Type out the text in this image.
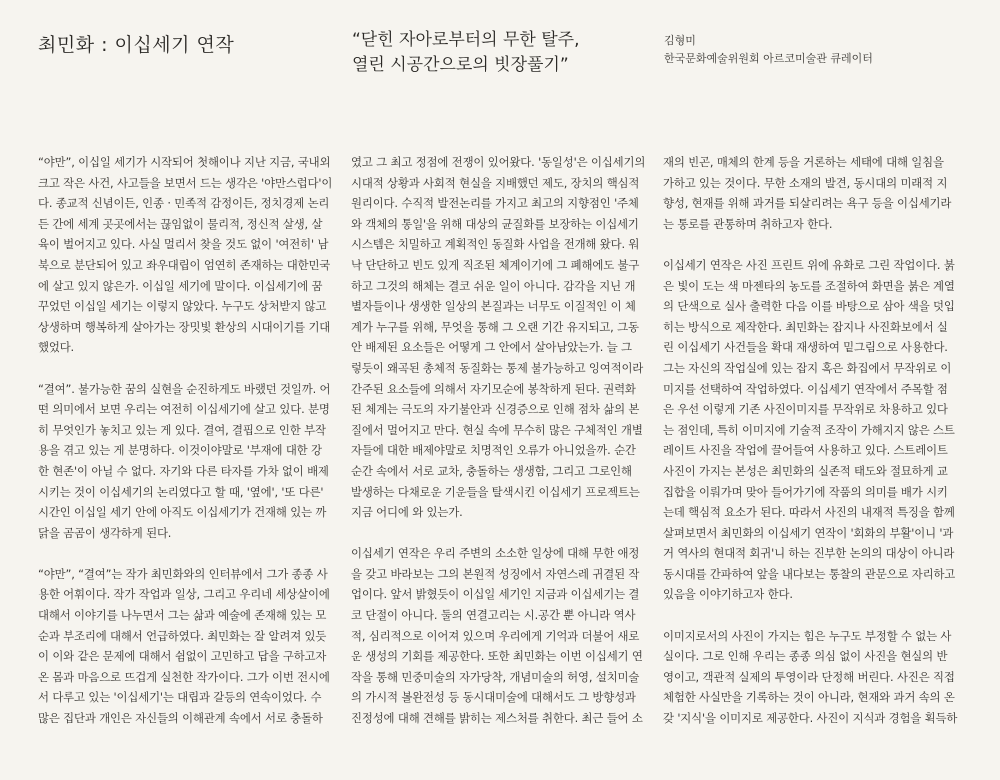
최민화 : 이십세기 연작	“닫힌 자아로부터의 무한 탈주,
열린 시공간으로의 빗장풀기”
김형미
한국문화예술위원회 아르코미술관 큐레이터
“야만”, 이십일 세기가 시작되어 첫해이나 지난 지금, 국내외
크고 작은 사건, 사고들을 보면서 드는 생각은 '야만스럽다'이
다. 종교적 신념이든, 인종 · 민족적 감정이든, 정치경제 논리
든 간에 세계 곳곳에서는 끊임없이 물리적, 정신적 살생, 살
육이 벌어지고 있다. 사실 멀리서 찾을 것도 없이 '여전히' 남
북으로 분단되어 있고 좌우대립이 엄연히 존재하는 대한민국
에 살고 있지 않은가. 이십일 세기에 말이다. 이십세기에 꿈
꾸었던 이십일 세기는 이렇지 않았다. 누구도 상처받지 않고
상생하며 행복하게 살아가는 장밋빛 환상의 시대이기를 기대
했었다.
“결여”. 불가능한 꿈의 실현을 순진하게도 바랬던 것일까. 어
떤 의미에서 보면 우리는 여전히 이십세기에 살고 있다. 분명
히 무엇인가 놓치고 있는 게 있다. 결여, 결핍으로 인한 부작
용을 겪고 있는 게 분명하다. 이것이야말로 '부재에 대한 강
한 현존'이 아닐 수 없다. 자기와 다른 타자를 가차 없이 배제
시키는 것이 이십세기의 논리였다고 할 때, '옆에', '또 다른'
시간인 이십일 세기 안에 아직도 이십세기가 건재해 있는 까
닭을 곰곰이 생각하게 된다.
“야만”, “결여”는 작가 최민화와의 인터뷰에서 그가 종종 사
용한 어휘이다. 작가 작업과 일상, 그리고 우리네 세상살이에
대해서 이야기를 나누면서 그는 삶과 예술에 존재해 있는 모
순과 부조리에 대해서 언급하였다. 최민화는 잘 알려져 있듯
이 이와 같은 문제에 대해서 쉼없이 고민하고 답을 구하고자
온 몸과 마음으로 뜨겁게 실천한 작가이다. 그가 이번 전시에
서 다루고 있는 '이십세기'는 대립과 갈등의 연속이었다. 수
많은 집단과 개인은 자신들의 이해관계 속에서 서로 충돌하
였고 그 최고 정점에 전쟁이 있어왔다. '동일성'은 이십세기의
시대적 상황과 사회적 현실을 지배했던 제도, 장치의 핵심적
원리이다. 수직적 발전논리를 가지고 최고의 지향점인 '주체
와 객체의 통일'을 위해 대상의 균질화를 보장하는 이십세기
시스템은 치밀하고 계획적인 동질화 사업을 전개해 왔다. 워
낙 단단하고 빈도 있게 직조된 체계이기에 그 폐해에도 불구
하고 그것의 해체는 결코 쉬운 일이 아니다. 감각을 지닌 개
별자들이나 생생한 일상의 본질과는 너무도 이질적인 이 체
계가 누구를 위해, 무엇을 통해 그 오랜 기간 유지되고, 그동
안 배제된 요소들은 어떻게 그 안에서 살아남았는가. 늘 그
렇듯이 왜곡된 총체적 동질화는 통제 불가능하고 잉여적이라
간주된 요소들에 의해서 자기모순에 봉착하게 된다. 권력화
된 체계는 극도의 자기불안과 신경증으로 인해 점차 삶의 본
질에서 멀어지고 만다. 현실 속에 무수히 많은 구체적인 개별
자들에 대한 배제야말로 치명적인 오류가 아니었을까. 순간
순간 속에서 서로 교차, 충돌하는 생생함, 그리고 그로인해
발생하는 다채로운 기운들을 탈색시킨 이십세기 프로젝트는
지금 어디에 와 있는가.
이십세기 연작은 우리 주변의 소소한 일상에 대해 무한 애정
을 갖고 바라보는 그의 본원적 성징에서 자연스레 귀결된 작
업이다. 앞서 밝혔듯이 이십일 세기인 지금과 이십세기는 결
코 단절이 아니다. 둘의 연결고리는 시.공간 뿐 아니라 역사
적, 심리적으로 이어져 있으며 우리에게 기억과 더불어 새로
운 생성의 기회를 제공한다. 또한 최민화는 이번 이십세기 연
작을 통해 민중미술의 자가당착, 개념미술의 허영, 설치미술
의 가시적 볼완전성 등 동시대미술에 대해서도 그 방향성과
진정성에 대해 견해를 밝히는 제스처를 취한다. 최근 들어 소
재의 빈곤, 매체의 한계 등을 거론하는 세태에 대해 일침을
가하고 있는 것이다. 무한 소재의 발견, 동시대의 미래적 지
향성, 현재를 위해 과거를 되살리려는 욕구 등을 이십세기라
는 통로를 관통하며 취하고자 한다.
이십세기 연작은 사진 프린트 위에 유화로 그린 작업이다. 붉
은 빛이 도는 색 마젠타의 농도를 조절하여 화면을 붉은 계열
의 단색으로 실사 출력한 다음 이를 바탕으로 삼아 색을 덧입
히는 방식으로 제작한다. 최민화는 잡지나 사진화보에서 실
린 이십세기 사건들을 확대 재생하여 밑그림으로 사용한다.
그는 자신의 작업실에 있는 잡지 혹은 화집에서 무작위로 이
미지를 선택하여 작업하였다. 이십세기 연작에서 주목할 점
은 우선 이렇게 기존 사진이미지를 무작위로 차용하고 있다
는 점인데, 특히 이미지에 기술적 조작이 가해지지 않은 스트
레이트 사진을 작업에 끌어들여 사용하고 있다. 스트레이트
사진이 가지는 본성은 최민화의 실존적 태도와 절묘하게 교
집합을 이뤄가며 맞아 들어가기에 작품의 의미를 배가 시키
는데 핵심적 요소가 된다. 따라서 사진의 내재적 특징을 함께
살펴보면서 최민화의 이십세기 연작이 '회화의 부활'이니 '과
거 역사의 현대적 회귀'니 하는 진부한 논의의 대상이 아니라
동시대를 간파하여 앞을 내다보는 통찰의 관문으로 자리하고
있음을 이야기하고자 한다.
이미지로서의 사진이 가지는 힘은 누구도 부정할 수 없는 사
실이다. 그로 인해 우리는 종종 의심 없이 사진을 현실의 반
영이고, 객관적 실제의 투영이라 단정해 버린다. 사진은 직접
체험한 사실만을 기록하는 것이 아니라, 현재와 과거 속의 온
갖 '지식'을 이미지로 제공한다. 사진이 지식과 경험을 획득하
